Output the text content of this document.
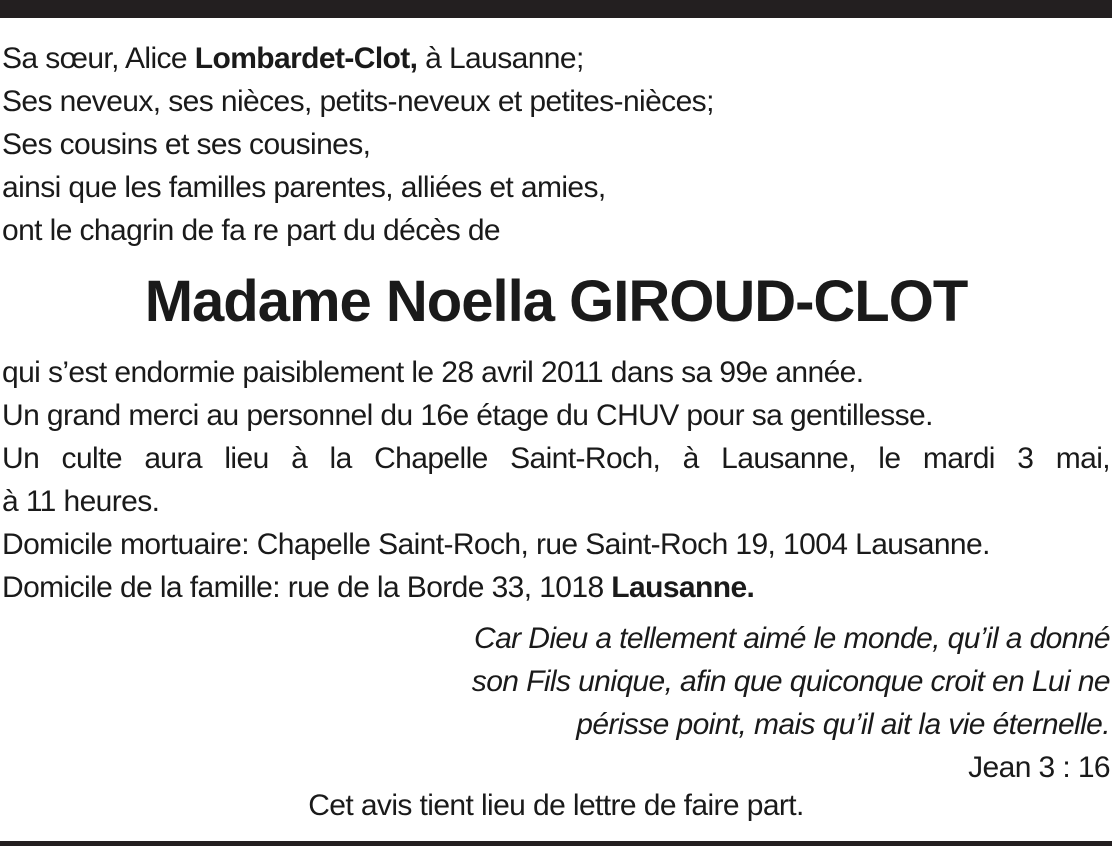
Sa sœur, Alice Lombardet-Clot, à Lausanne;

Ses neveux, ses nièces, petits-neveux et petites-nièces;

Ses cousins et ses cousines,

ainsi que les familles parentes, alliées et amies,

ont le chagrin de fa re part du décès de

Madame Noella GIROUD-CLOT

qui s’est endormie paisiblement le 28 avril 2011 dans sa 99e année.

Un grand merci au personnel du 16e étage du CHUV pour sa gentillesse.

Un culte aura lieu à la Chapelle Saint-Roch, à Lausanne, le mardi 3 mai,

à 11 heures.

Domicile mortuaire: Chapelle Saint-Roch, rue Saint-Roch 19, 1004 Lausanne.

Domicile de la famille: rue de la Borde 33, 1018 Lausanne.

Car Dieu a tellement aimé le monde, qu’il a donné

son Fils unique, afin que quiconque croit en Lui ne

périsse point, mais qu’il ait la vie éternelle.

Jean 3 : 16
Cet avis tient lieu de lettre de faire part.
